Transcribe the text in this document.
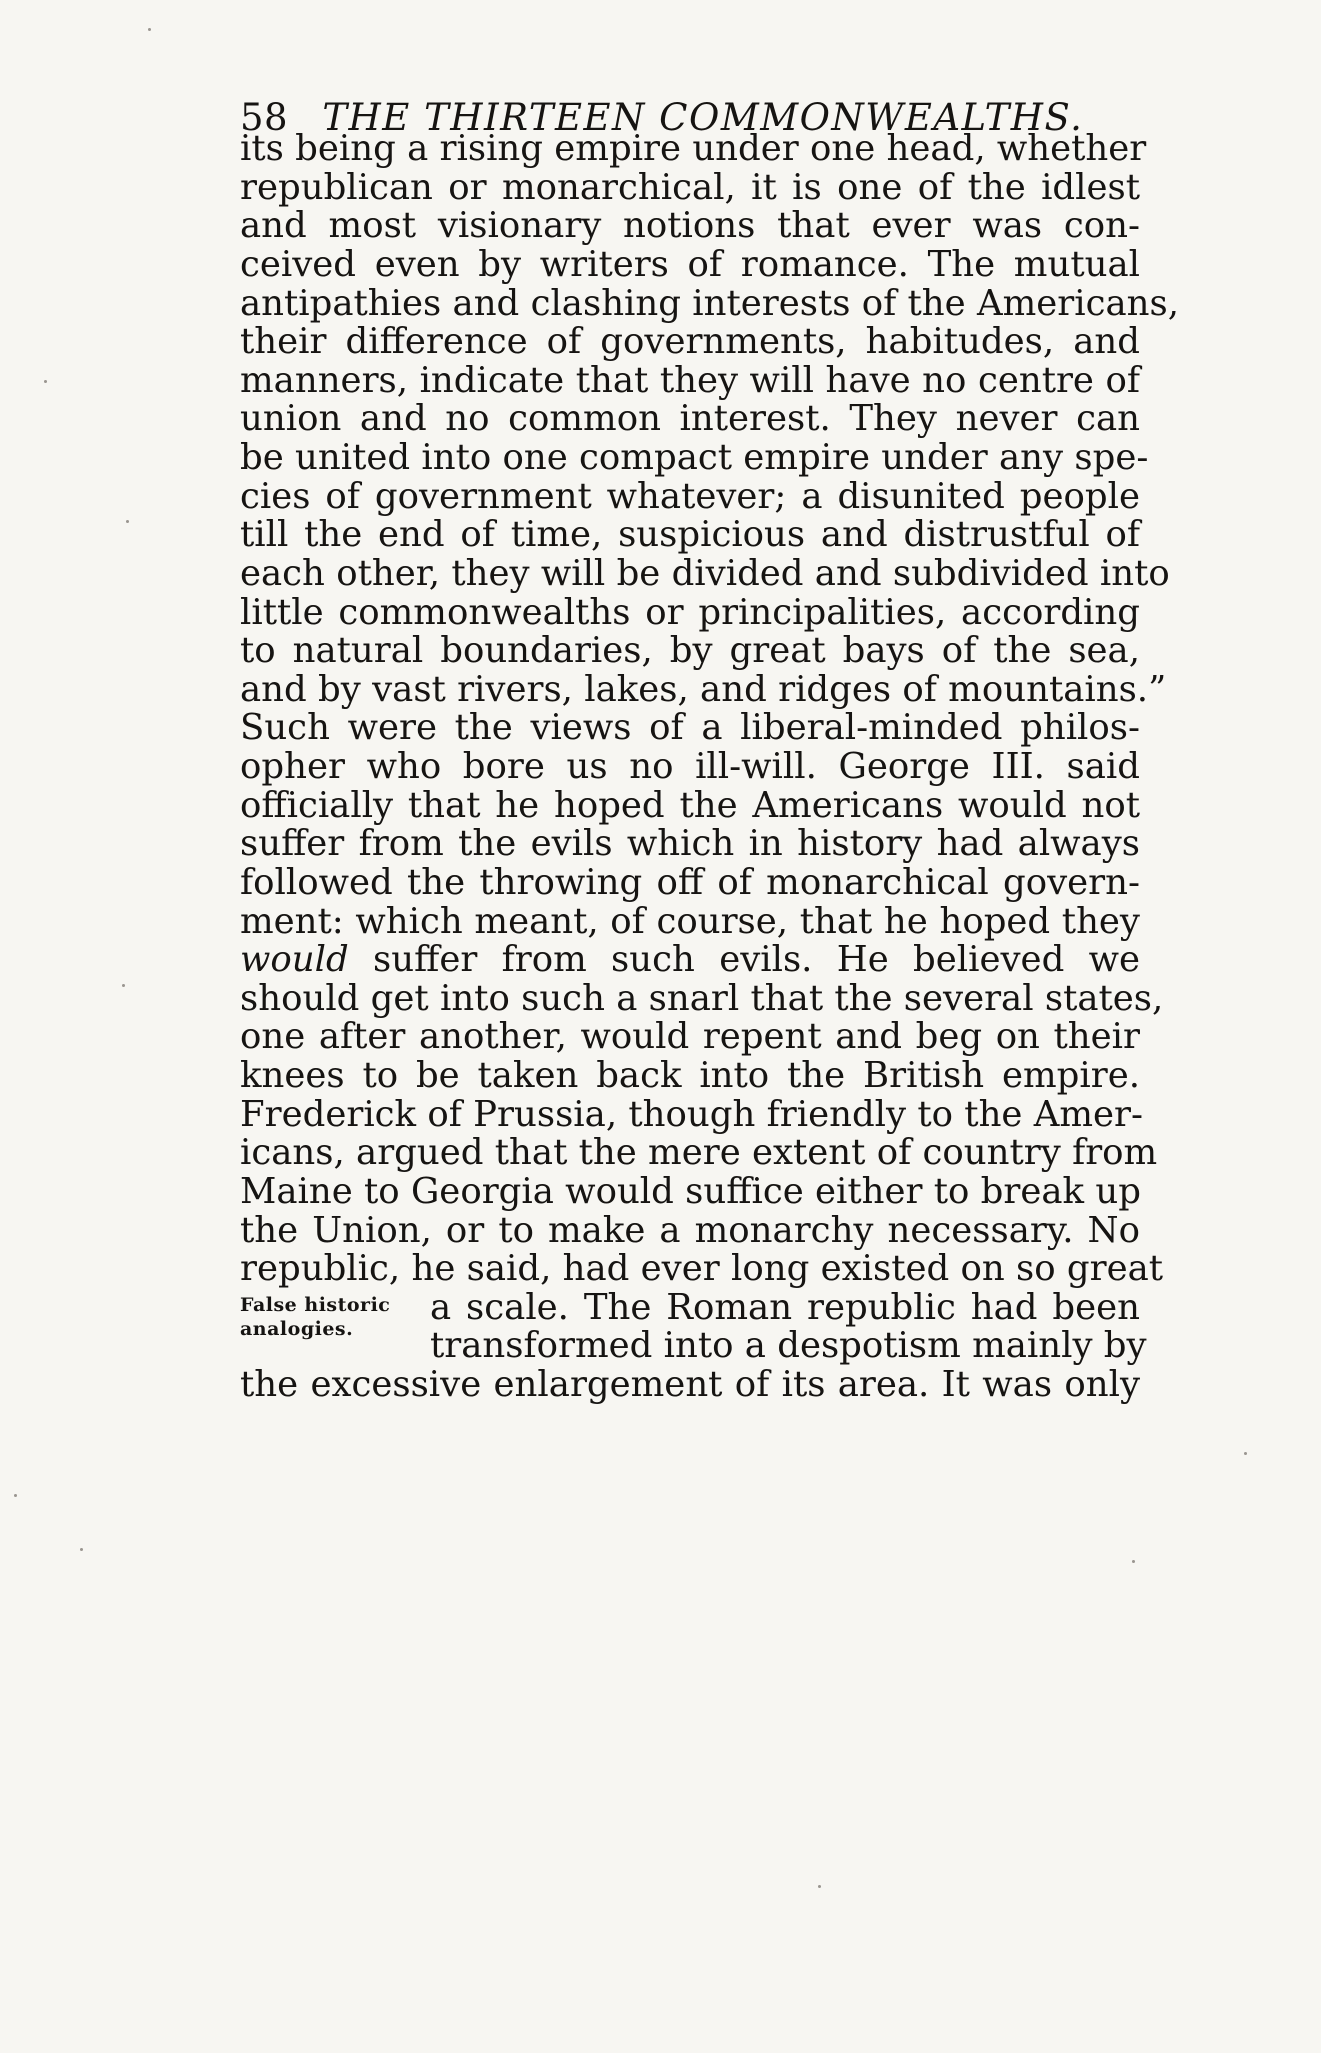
58 THE THIRTEEN COMMONWEALTHS.
its being a rising empire under one head, whether
republican or monarchical, it is one of the idlest
and most visionary notions that ever was con-
ceived even by writers of romance. The mutual
antipathies and clashing interests of the Americans,
their difference of governments, habitudes, and
manners, indicate that they will have no centre of
union and no common interest. They never can
be united into one compact empire under any spe-
cies of government whatever; a disunited people
till the end of time, suspicious and distrustful of
each other, they will be divided and subdivided into
little commonwealths or principalities, according
to natural boundaries, by great bays of the sea,
and by vast rivers, lakes, and ridges of mountains.”
Such were the views of a liberal-minded philos-
opher who bore us no ill-will. George III. said
officially that he hoped the Americans would not
suffer from the evils which in history had always
followed the throwing off of monarchical govern-
ment: which meant, of course, that he hoped they
would suffer from such evils. He believed we
should get into such a snarl that the several states,
one after another, would repent and beg on their
knees to be taken back into the British empire.
Frederick of Prussia, though friendly to the Amer-
icans, argued that the mere extent of country from
Maine to Georgia would suffice either to break up
the Union, or to make a monarchy necessary. No
republic, he said, had ever long existed on so great
False historic
analogies.
a scale. The Roman republic had been
transformed into a despotism mainly by
the excessive enlargement of its area. It was only
